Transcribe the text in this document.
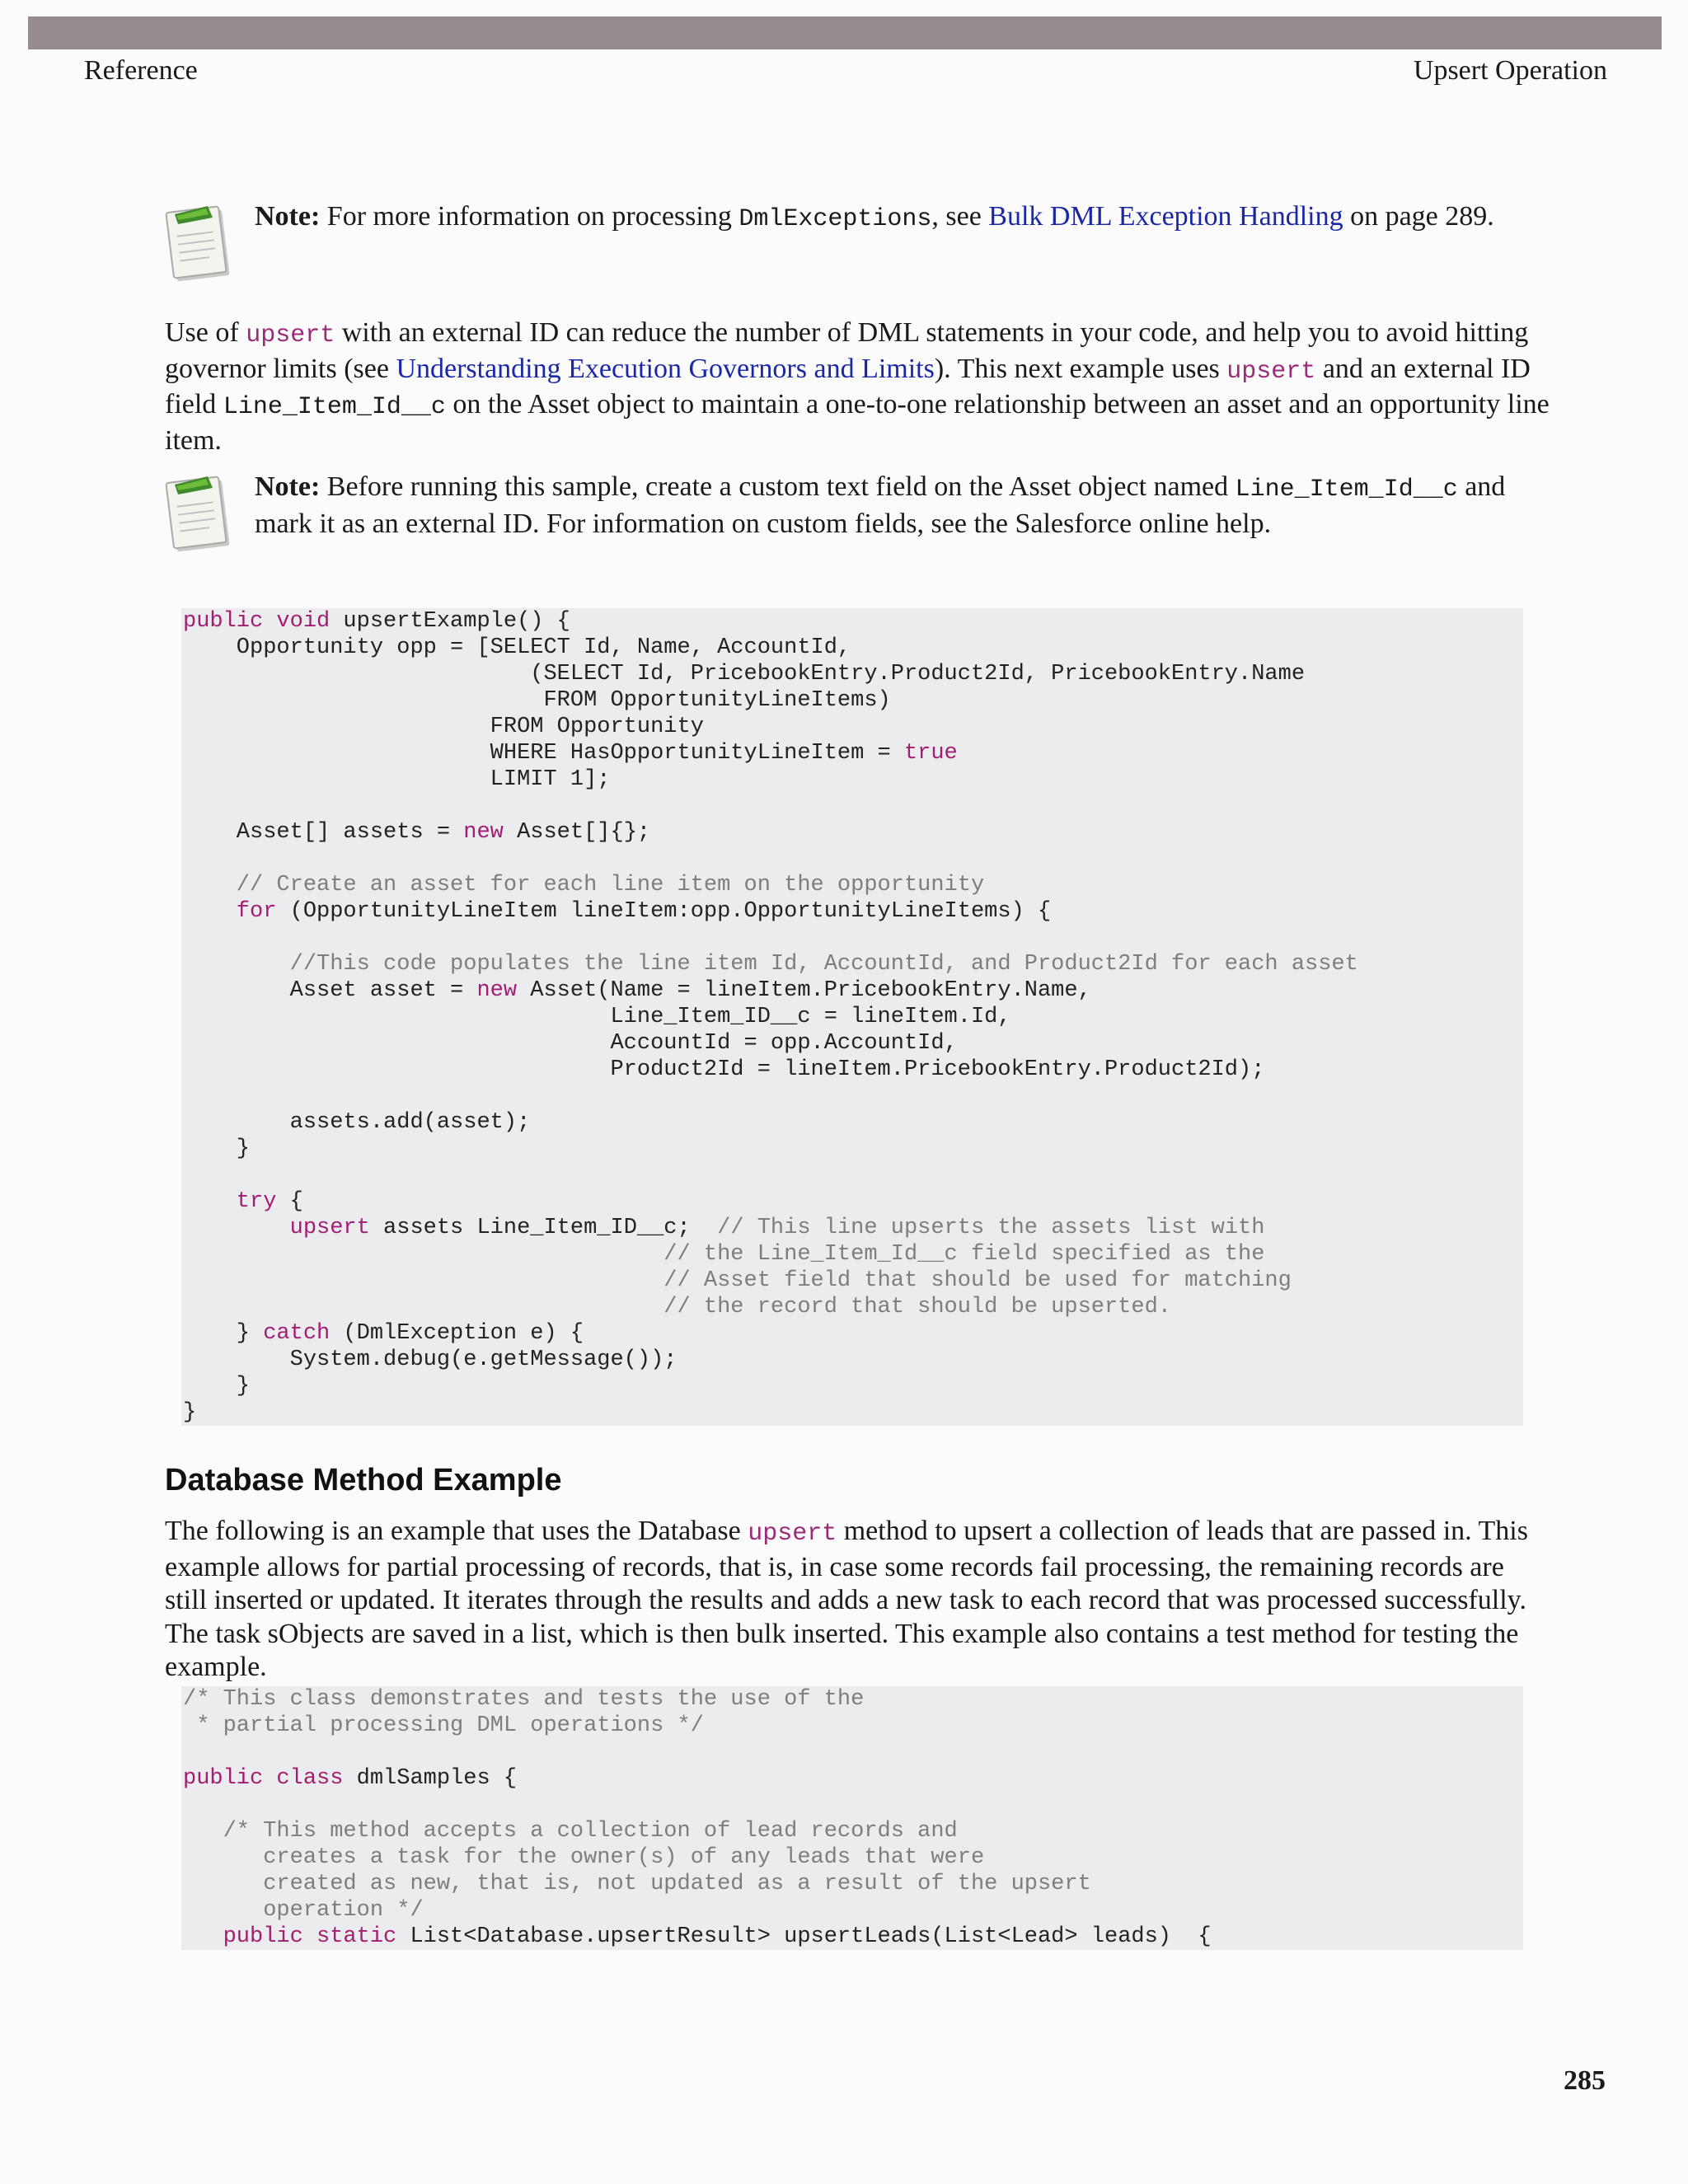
Reference	Upsert Operation
Note: For more information on processing DmlExceptions, see Bulk DML Exception Handling on page 289.
Use of upsert with an external ID can reduce the number of DML statements in your code, and help you to avoid hitting governor limits (see Understanding Execution Governors and Limits). This next example uses upsert and an external ID field Line_Item_Id__c on the Asset object to maintain a one-to-one relationship between an asset and an opportunity line item.
Note: Before running this sample, create a custom text field on the Asset object named Line_Item_Id__c and mark it as an external ID. For information on custom fields, see the Salesforce online help.
public void upsertExample() {
Opportunity opp = [SELECT Id, Name, AccountId,
(SELECT Id, PricebookEntry.Product2Id, PricebookEntry.Name
FROM OpportunityLineItems)
FROM Opportunity
WHERE HasOpportunityLineItem = true
LIMIT 1];

Asset[] assets = new Asset[]{};

// Create an asset for each line item on the opportunity
for (OpportunityLineItem lineItem:opp.OpportunityLineItems) {

//This code populates the line item Id, AccountId, and Product2Id for each asset
Asset asset = new Asset(Name = lineItem.PricebookEntry.Name,
Line_Item_ID__c = lineItem.Id,
AccountId = opp.AccountId,
Product2Id = lineItem.PricebookEntry.Product2Id);

assets.add(asset);
}

try {
upsert assets Line_Item_ID__c;  // This line upserts the assets list with
// the Line_Item_Id__c field specified as the
// Asset field that should be used for matching
// the record that should be upserted.
} catch (DmlException e) {
System.debug(e.getMessage());
}
}
Database Method Example
The following is an example that uses the Database upsert method to upsert a collection of leads that are passed in. This example allows for partial processing of records, that is, in case some records fail processing, the remaining records are still inserted or updated. It iterates through the results and adds a new task to each record that was processed successfully. The task sObjects are saved in a list, which is then bulk inserted. This example also contains a test method for testing the example.
/* This class demonstrates and tests the use of the
* partial processing DML operations */

public class dmlSamples {

/* This method accepts a collection of lead records and
creates a task for the owner(s) of any leads that were
created as new, that is, not updated as a result of the upsert
operation */
public static List<Database.upsertResult> upsertLeads(List<Lead> leads)  {
285
